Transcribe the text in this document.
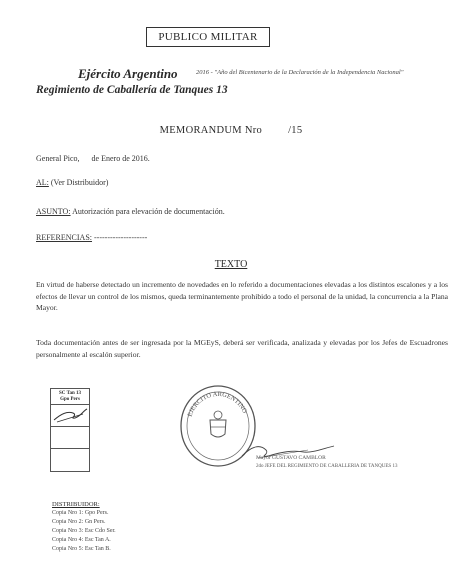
PUBLICO MILITAR
Ejército Argentino	2016 - "Año del Bicentenario de la Declaración de la Independencia Nacional"
Regimiento de Caballería de Tanques 13
MEMORANDUM Nro /15
General Pico, de Enero de 2016.
AL: (Ver Distribuidor)
ASUNTO: Autorización para elevación de documentación.
REFERENCIAS: --------------------
TEXTO
En virtud de haberse detectado un incremento de novedades en lo referido a documentaciones elevadas a los distintos escalones y a los efectos de llevar un control de los mismos, queda terminantemente prohibido a todo el personal de la unidad, la concurrencia a la Plana Mayor.
Toda documentación antes de ser ingresada por la MGEyS, deberá ser verificada, analizada y elevadas por los Jefes de Escuadrones personalmente al escalón superior.
SC Tan 13
Gpo Pers
EJERCITO ARGENTINO
Mayor GUSTAVO CAMBLOR
2do JEFE DEL REGIMIENTO DE CABALLERIA DE TANQUES 13
DISTRIBUIDOR:
Copia Nro 1: Gpo Pers.
Copia Nro 2: Gn Pers.
Copia Nro 3: Esc Cdo Ser.
Copia Nro 4: Esc Tan A.
Copia Nro 5: Esc Tan B.
